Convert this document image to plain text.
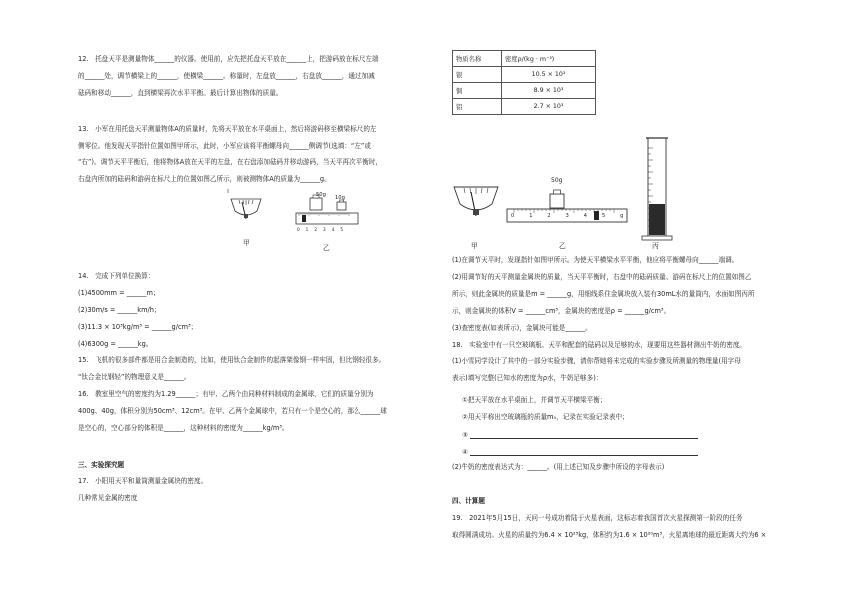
12.　托盘天平是测量物体______的仪器。使用前，应先把托盘天平放在______上，把游码放在标尺左端
的______处，调节横梁上的______，使横梁______。称量时，左盘放______，右盘放______，通过加减
砝码和移动______，直到横梁再次水平平衡。最后计算出物体的质量。
13.　小军在用托盘天平测量物体A的质量时，先将天平放在水平桌面上，然后将游码移至横梁标尺的左
侧零位。他发现天平指针位置如图甲所示，此时，小军应该将平衡螺母向______侧调节(选填：“左”或
“右”)。调节天平平衡后，他将物体A放在天平的左盘，在右盘添加砝码并移动游码，当天平再次平衡时，
右盘内所加的砝码和游码在标尺上的位置如图乙所示，则被测物体A的质量为______g。
50g 10g
012345
甲
乙
14.　完成下列单位换算：
(1)4500mm = ______m；
(2)30m/s = ______km/h；
(3)11.3 × 10³kg/m³ = ______g/cm³；
(4)6300g = ______kg。
15.　飞机的很多部件都是用合金制造的，比如，使用钛合金制作的起落架像钢一样牢固，但比钢轻很多。
“钛合金比钢轻”的物理意义是______。
16.　教室里空气的密度约为1.29______；有甲、乙两个由同种材料制成的金属球，它们的质量分别为
400g、40g，体积分别为50cm³、12cm³。在甲、乙两个金属球中，若只有一个是空心的，那么______球
是空心的，空心部分的体积是______，这种材料的密度为______kg/m³。
三、实验探究题
17.　小阳用天平和量筒测量金属块的密度。
几种常见金属的密度
物质名称	密度ρ/(kg · m⁻³)
银	10.5 × 10³
铜	8.9 × 10³
铝	2.7 × 10³
50g
012345g
甲	乙	丙
(1)在调节天平时，发现指针如图甲所示。为使天平横梁水平平衡，他应将平衡螺母向______端调。
(2)用调节好的天平测量金属块的质量，当天平平衡时，右盘中的砝码质量、游码在标尺上的位置如图乙
所示，则此金属块的质量是m = ______g，用细线系住金属块放入装有30mL水的量筒内，水面如图丙所
示，则金属块的体积V = ______cm³，金属块的密度是ρ = ______g/cm³。
(3)查密度表(如表所示)，金属块可能是______。
18.　实验室中有一只空玻璃瓶、天平和配套的砝码以及足够的水，现要用这些器材测出牛奶的密度。
(1)小雪同学设计了其中的一部分实验步骤，请你帮她将未完成的实验步骤及所测量的物理量(用字母
表示)填写完整(已知水的密度为ρ水，牛奶足够多)：
①把天平放在水平桌面上，并调节天平横梁平衡；
②用天平称出空玻璃瓶的质量m₀，记录在实验记录表中；
③
④
(2)牛奶的密度表达式为：______。(用上述已知及步骤中所设的字母表示)
四、计算题
19.　2021年5月15日，天问一号成功着陆于火星表面，这标志着我国首次火星探测第一阶段的任务
取得圆满成功。火星的质量约为6.4 × 10²³kg，体积约为1.6 × 10²⁰m³，火星离地球的最近距离大约为6 ×
